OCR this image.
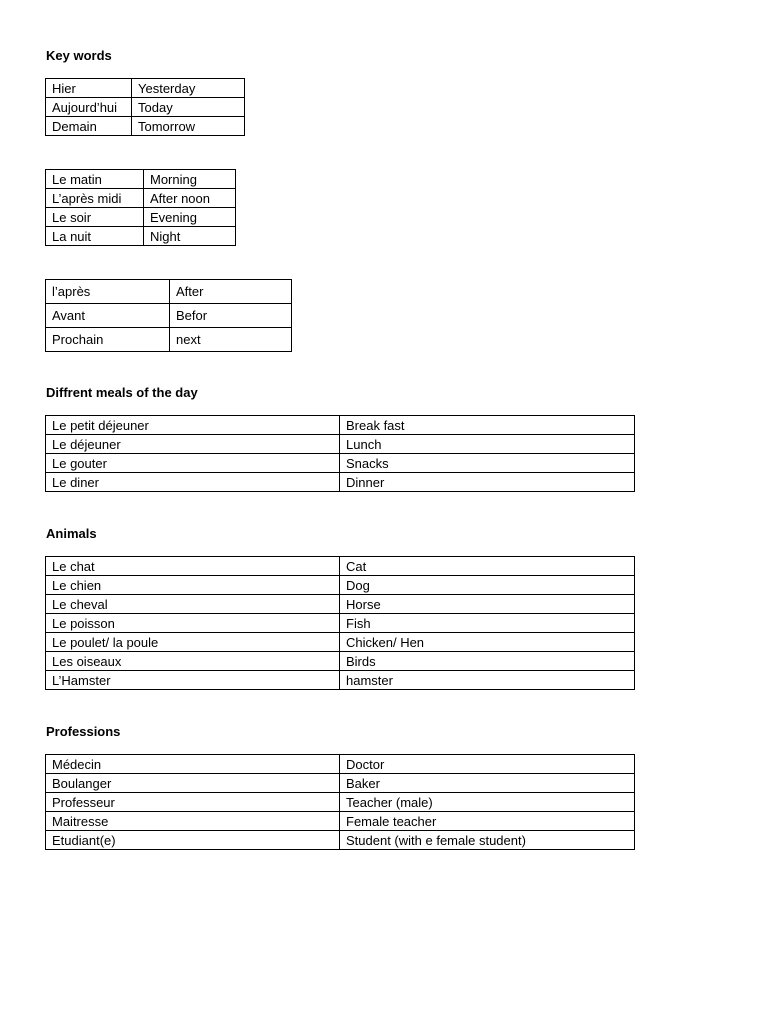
Key words

Hier	Yesterday
Aujourd’hui	Today
Demain	Tomorrow
Le matin	Morning
L’après midi	After noon
Le soir	Evening
La nuit	Night
l’après	After
Avant	Befor
Prochain	next

Diffrent meals of the day

Le petit déjeuner	Break fast
Le déjeuner	Lunch
Le gouter	Snacks
Le diner	Dinner

Animals

Le chat	Cat
Le chien	Dog
Le cheval	Horse
Le poisson	Fish
Le poulet/ la poule	Chicken/ Hen
Les oiseaux	Birds
L’Hamster	hamster

Professions

Médecin	Doctor
Boulanger	Baker
Professeur	Teacher (male)
Maitresse	Female teacher
Etudiant(e)	Student (with e female student)
